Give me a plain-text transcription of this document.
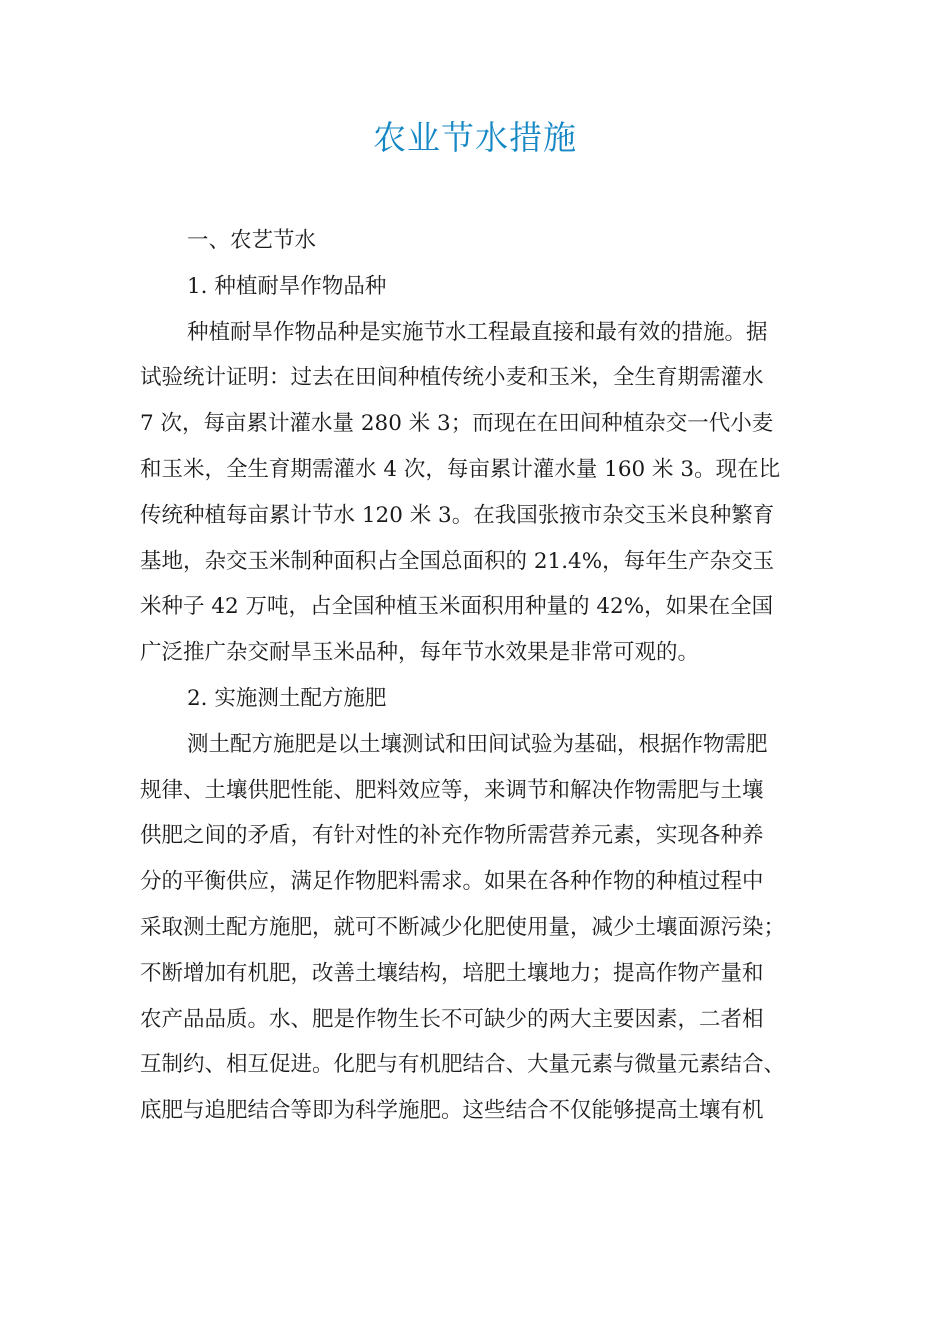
农业节水措施

一、农艺节水

1. 种植耐旱作物品种

种植耐旱作物品种是实施节水工程最直接和最有效的措施。据

试验统计证明：过去在田间种植传统小麦和玉米，全生育期需灌水

7 次，每亩累计灌水量 280 米 3；而现在在田间种植杂交一代小麦

和玉米，全生育期需灌水 4 次，每亩累计灌水量 160 米 3。现在比

传统种植每亩累计节水 120 米 3。在我国张掖市杂交玉米良种繁育

基地，杂交玉米制种面积占全国总面积的 21.4%，每年生产杂交玉

米种子 42 万吨，占全国种植玉米面积用种量的 42%，如果在全国

广泛推广杂交耐旱玉米品种，每年节水效果是非常可观的。

2. 实施测土配方施肥

测土配方施肥是以土壤测试和田间试验为基础，根据作物需肥

规律、土壤供肥性能、肥料效应等，来调节和解决作物需肥与土壤

供肥之间的矛盾，有针对性的补充作物所需营养元素，实现各种养

分的平衡供应，满足作物肥料需求。如果在各种作物的种植过程中

采取测土配方施肥，就可不断减少化肥使用量，减少土壤面源污染；

不断增加有机肥，改善土壤结构，培肥土壤地力；提高作物产量和

农产品品质。水、肥是作物生长不可缺少的两大主要因素，二者相

互制约、相互促进。化肥与有机肥结合、大量元素与微量元素结合、

底肥与追肥结合等即为科学施肥。这些结合不仅能够提高土壤有机
